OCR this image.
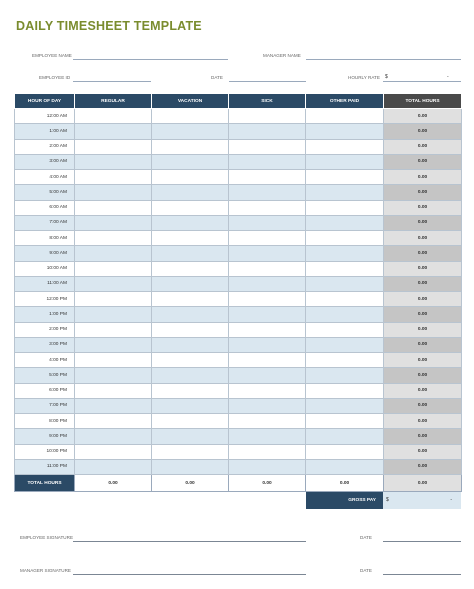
DAILY TIMESHEET TEMPLATE
EMPLOYEE NAME	MANAGER NAME
EMPLOYEE ID	DATE	HOURLY RATE $	-
HOUR OF DAY	REGULAR	VACATION	SICK	OTHER PAID	TOTAL HOURS
12:00 AM					0.00
1:00 AM					0.00
2:00 AM					0.00
3:00 AM					0.00
4:00 AM					0.00
5:00 AM					0.00
6:00 AM					0.00
7:00 AM					0.00
8:00 AM					0.00
9:00 AM					0.00
10:00 AM					0.00
11:00 AM					0.00
12:00 PM					0.00
1:00 PM					0.00
2:00 PM					0.00
3:00 PM					0.00
4:00 PM					0.00
5:00 PM					0.00
6:00 PM					0.00
7:00 PM					0.00
8:00 PM					0.00
9:00 PM					0.00
10:00 PM					0.00
11:00 PM					0.00
TOTAL HOURS	0.00	0.00	0.00	0.00	0.00
GROSS PAY	$	-
EMPLOYEE SIGNATURE	DATE
MANAGER SIGNATURE	DATE
